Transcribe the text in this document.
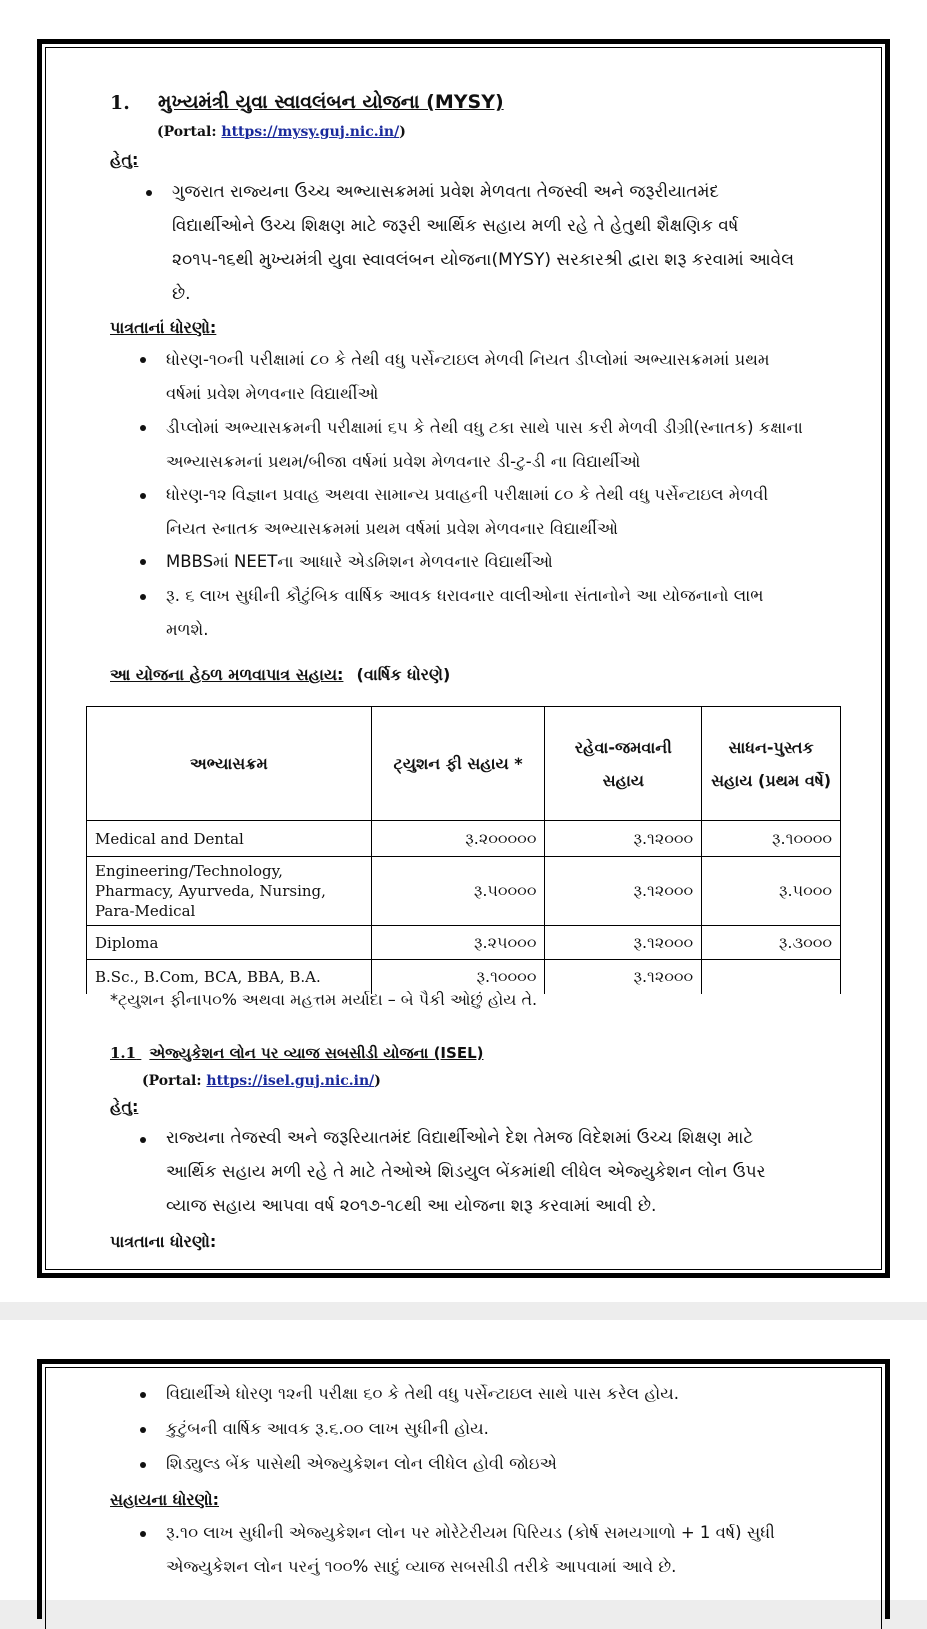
1. મુખ્યમંત્રી યુવા સ્વાવલંબન યોજના (MYSY)
(Portal: https://mysy.guj.nic.in/)
હેતુ:
ગુજરાત રાજ્યના ઉચ્ચ અભ્યાસક્રમમાં પ્રવેશ મેળવતા તેજસ્વી અને જરૂરીયાતમંદ વિદ્યાર્થીઓને ઉચ્ચ શિક્ષણ માટે જરૂરી આર્થિક સહાય મળી રહે તે હેતુથી શૈક્ષણિક વર્ષ ૨૦૧૫-૧૬થી મુખ્યમંત્રી યુવા સ્વાવલંબન યોજના(MYSY) સરકારશ્રી દ્વારા શરૂ કરવામાં આવેલ છે.
પાત્રતાનાં ધોરણો:
ધોરણ-૧૦ની પરીક્ષામાં ૮૦ કે તેથી વધુ પર્સેન્ટાઇલ મેળવી નિયત ડીપ્લોમાં અભ્યાસક્રમમાં પ્રથમ વર્ષમાં પ્રવેશ મેળવનાર વિદ્યાર્થીઓ
ડીપ્લોમાં અભ્યાસક્રમની પરીક્ષામાં ૬૫ કે તેથી વધુ ટકા સાથે પાસ કરી મેળવી ડીગ્રી(સ્નાતક) કક્ષાના અભ્યાસક્રમનાં પ્રથમ/બીજા વર્ષમાં પ્રવેશ મેળવનાર ડી-ટુ-ડી ના વિદ્યાર્થીઓ
ધોરણ-૧૨ વિજ્ઞાન પ્રવાહ અથવા સામાન્ય પ્રવાહની પરીક્ષામાં ૮૦ કે તેથી વધુ પર્સેન્ટાઇલ મેળવી નિયત સ્નાતક અભ્યાસક્રમમાં પ્રથમ વર્ષમાં પ્રવેશ મેળવનાર વિદ્યાર્થીઓ
MBBSમાં NEETના આધારે એડમિશન મેળવનાર વિદ્યાર્થીઓ
રૂ. ૬ લાખ સુધીની કૌટુંબિક વાર્ષિક આવક ધરાવનાર વાલીઓના સંતાનોને આ યોજનાનો લાભ મળશે.
આ યોજના હેઠળ મળવાપાત્ર સહાય: (વાર્ષિક ધોરણે)
અભ્યાસક્રમ	ટ્યુશન ફી સહાય *	રહેવા-જમવાની સહાય	સાધન-પુસ્તક સહાય (પ્રથમ વર્ષે)
Medical and Dental	રૂ.૨૦૦૦૦૦	રૂ.૧૨૦૦૦	રૂ.૧૦૦૦૦
Engineering/Technology, Pharmacy, Ayurveda, Nursing, Para-Medical	રૂ.૫૦૦૦૦	રૂ.૧૨૦૦૦	રૂ.૫૦૦૦
Diploma	રૂ.૨૫૦૦૦	રૂ.૧૨૦૦૦	રૂ.૩૦૦૦
B.Sc., B.Com, BCA, BBA, B.A.	રૂ.૧૦૦૦૦	રૂ.૧૨૦૦૦	
*ટ્યુશન ફીના૫૦% અથવા મહત્તમ મર્યાદા – બે પૈકી ઓછું હોય તે.
1.1 એજ્યુકેશન લોન પર વ્યાજ સબસીડી યોજના (ISEL)
(Portal: https://isel.guj.nic.in/)
હેતુ:
રાજ્યના તેજસ્વી અને જરૂરિયાતમંદ વિદ્યાર્થીઓને દેશ તેમજ વિદેશમાં ઉચ્ચ શિક્ષણ માટે આર્થિક સહાય મળી રહે તે માટે તેઓએ શિડયુલ બેંકમાંથી લીધેલ એજ્યુકેશન લોન ઉપર વ્યાજ સહાય આપવા વર્ષ ૨૦૧૭-૧૮થી આ યોજના શરૂ કરવામાં આવી છે.
પાત્રતાના ધોરણો:
વિદ્યાર્થીએ ધોરણ ૧૨ની પરીક્ષા ૬૦ કે તેથી વધુ પર્સેન્ટાઇલ સાથે પાસ કરેલ હોય.
કુટુંબની વાર્ષિક આવક રૂ.૬.૦૦ લાખ સુધીની હોય.
શિડ્યુલ્ડ બેંક પાસેથી એજ્યુકેશન લોન લીધેલ હોવી જોઇએ
સહાયના ધોરણો:
રૂ.૧૦ લાખ સુધીની એજ્યુકેશન લોન પર મોરેટેરીયમ પિરિયડ (કોર્ષ સમયગાળો + 1 વર્ષ) સુધી એજ્યુકેશન લોન પરનું ૧૦૦% સાદું વ્યાજ સબસીડી તરીકે આપવામાં આવે છે.
